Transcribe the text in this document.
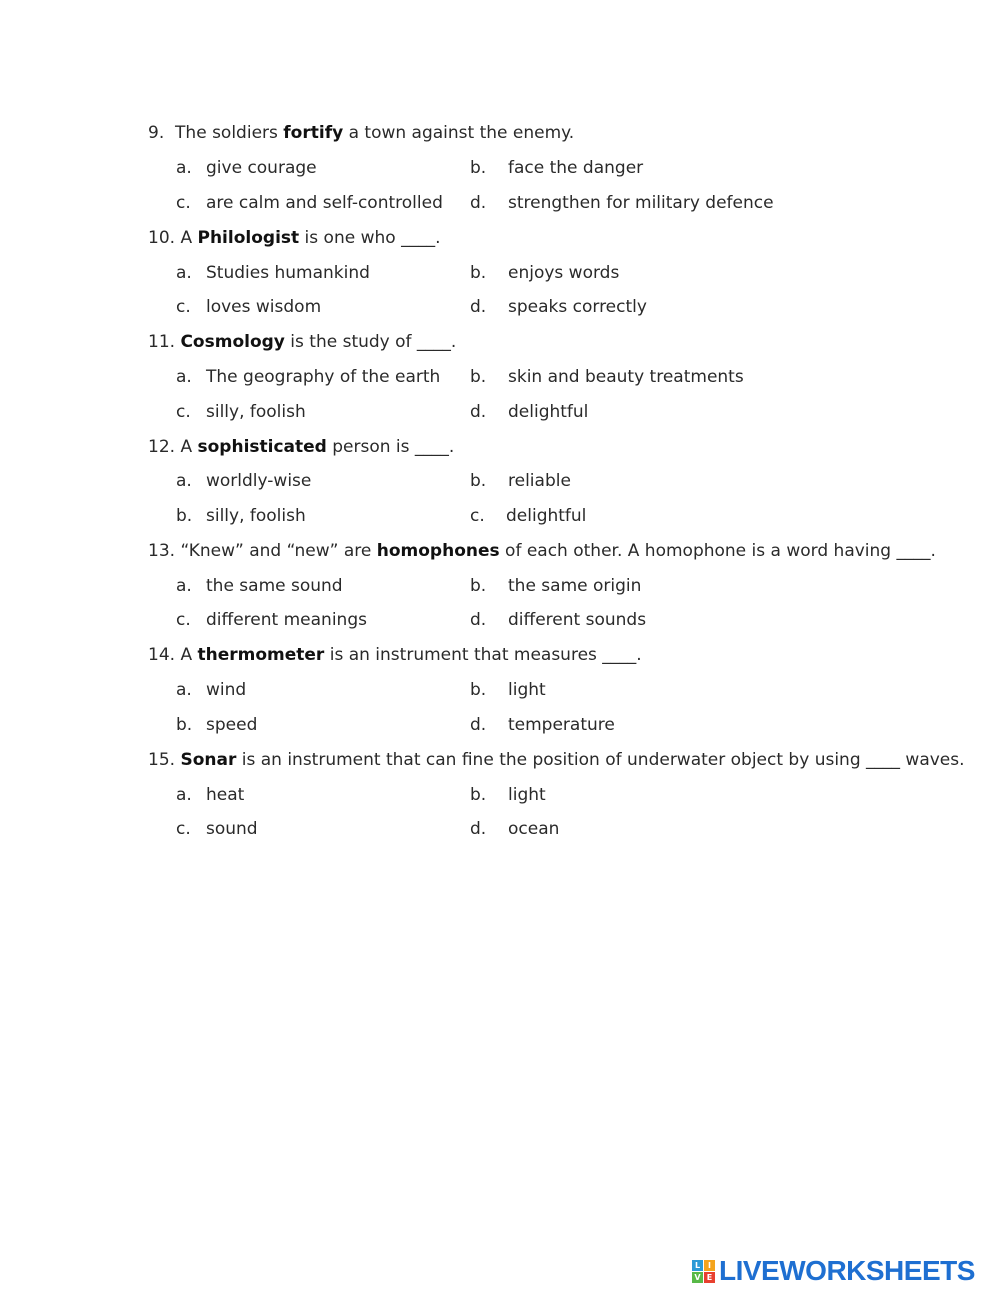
9. The soldiers fortify a town against the enemy.
a. give courage	b. face the danger
c. are calm and self-controlled d. strengthen for military defence
10. A Philologist is one who ____.
a. Studies humankind	b. enjoys words
c. loves wisdom	d. speaks correctly
11. Cosmology is the study of ____.
a. The geography of the earth b. skin and beauty treatments
c. silly, foolish	d. delightful
12. A sophisticated person is ____.
a. worldly-wise	b. reliable
b. silly, foolish	c. delightful
13. “Knew” and “new” are homophones of each other. A homophone is a word having ____.
a. the same sound	b. the same origin
c. different meanings	d. different sounds
14. A thermometer is an instrument that measures ____.
a. wind	b. light
b. speed	d. temperature
15. Sonar is an instrument that can fine the position of underwater object by using ____ waves.
a. heat	b. light
c. sound	d. ocean
L I
V E LIVEWORKSHEETS
